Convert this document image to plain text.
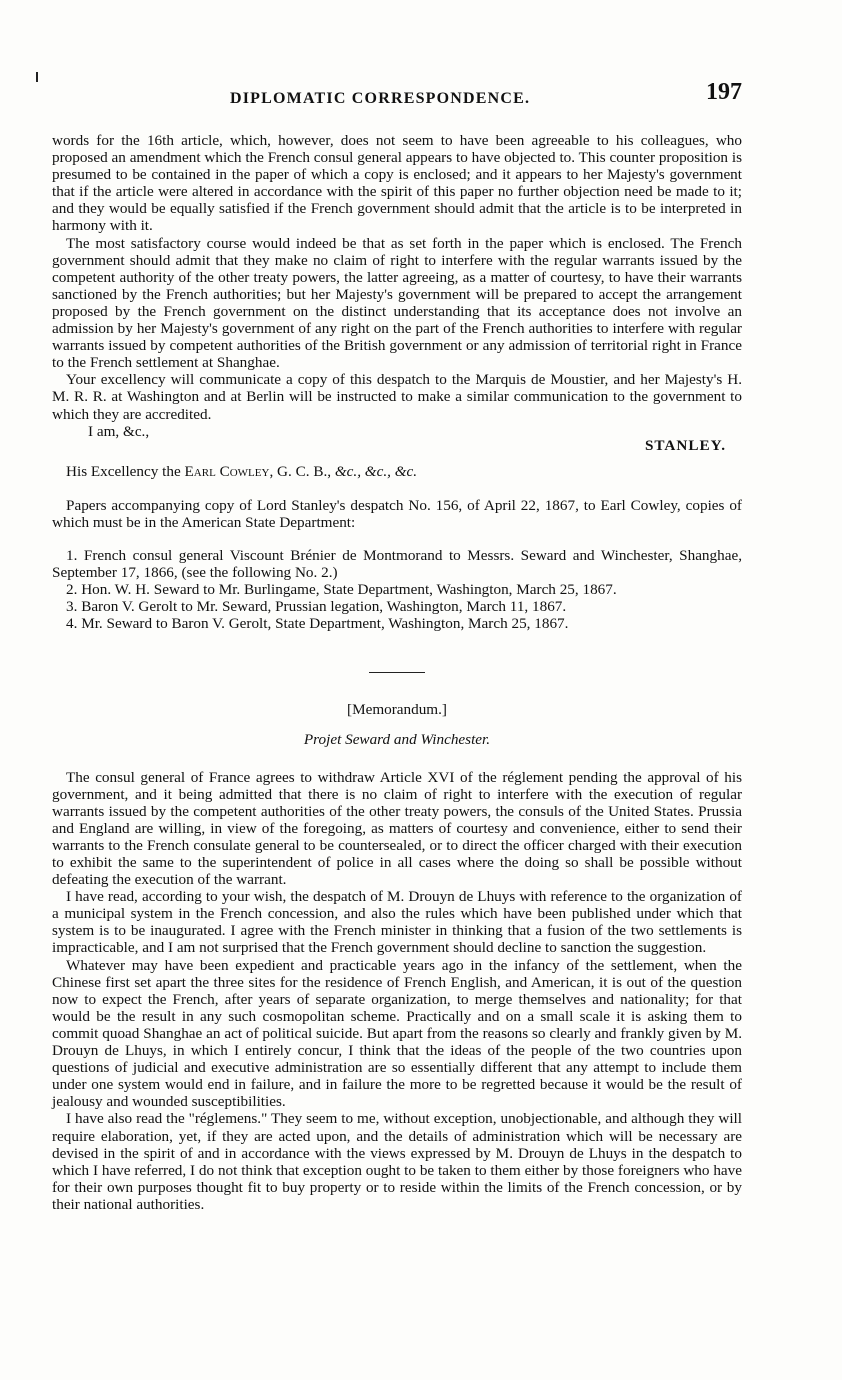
DIPLOMATIC CORRESPONDENCE.	197

words for the 16th article, which, however, does not seem to have been agreeable to his colleagues, who proposed an amendment which the French consul general appears to have objected to. This counter proposition is presumed to be contained in the paper of which a copy is enclosed; and it appears to her Majesty's government that if the article were altered in accordance with the spirit of this paper no further objection need be made to it; and they would be equally satisfied if the French government should admit that the article is to be interpreted in harmony with it.

The most satisfactory course would indeed be that as set forth in the paper which is enclosed. The French government should admit that they make no claim of right to interfere with the regular warrants issued by the competent authority of the other treaty powers, the latter agreeing, as a matter of courtesy, to have their warrants sanctioned by the French authorities; but her Majesty's government will be prepared to accept the arrangement proposed by the French government on the distinct understanding that its acceptance does not involve an admission by her Majesty's government of any right on the part of the French authorities to interfere with regular warrants issued by competent authorities of the British government or any admission of territorial right in France to the French settlement at Shanghae.

Your excellency will communicate a copy of this despatch to the Marquis de Moustier, and her Majesty's H. M. R. R. at Washington and at Berlin will be instructed to make a similar communication to the government to which they are accredited.

I am, &c.,
STANLEY.

His Excellency the Earl Cowley, G. C. B., &c., &c., &c.

Papers accompanying copy of Lord Stanley's despatch No. 156, of April 22, 1867, to Earl Cowley, copies of which must be in the American State Department:

1. French consul general Viscount Brénier de Montmorand to Messrs. Seward and Winchester, Shanghae, September 17, 1866, (see the following No. 2.)

2. Hon. W. H. Seward to Mr. Burlingame, State Department, Washington, March 25, 1867.

3. Baron V. Gerolt to Mr. Seward, Prussian legation, Washington, March 11, 1867.

4. Mr. Seward to Baron V. Gerolt, State Department, Washington, March 25, 1867.

[Memorandum.]

Projet Seward and Winchester.

The consul general of France agrees to withdraw Article XVI of the réglement pending the approval of his government, and it being admitted that there is no claim of right to interfere with the execution of regular warrants issued by the competent authorities of the other treaty powers, the consuls of the United States. Prussia and England are willing, in view of the foregoing, as matters of courtesy and convenience, either to send their warrants to the French consulate general to be countersealed, or to direct the officer charged with their execution to exhibit the same to the superintendent of police in all cases where the doing so shall be possible without defeating the execution of the warrant.

I have read, according to your wish, the despatch of M. Drouyn de Lhuys with reference to the organization of a municipal system in the French concession, and also the rules which have been published under which that system is to be inaugurated. I agree with the French minister in thinking that a fusion of the two settlements is impracticable, and I am not surprised that the French government should decline to sanction the suggestion.

Whatever may have been expedient and practicable years ago in the infancy of the settlement, when the Chinese first set apart the three sites for the residence of French English, and American, it is out of the question now to expect the French, after years of separate organization, to merge themselves and nationality; for that would be the result in any such cosmopolitan scheme. Practically and on a small scale it is asking them to commit quoad Shanghae an act of political suicide. But apart from the reasons so clearly and frankly given by M. Drouyn de Lhuys, in which I entirely concur, I think that the ideas of the people of the two countries upon questions of judicial and executive administration are so essentially different that any attempt to include them under one system would end in failure, and in failure the more to be regretted because it would be the result of jealousy and wounded susceptibilities.

I have also read the "réglemens." They seem to me, without exception, unobjectionable, and although they will require elaboration, yet, if they are acted upon, and the details of administration which will be necessary are devised in the spirit of and in accordance with the views expressed by M. Drouyn de Lhuys in the despatch to which I have referred, I do not think that exception ought to be taken to them either by those foreigners who have for their own purposes thought fit to buy property or to reside within the limits of the French concession, or by their national authorities.
